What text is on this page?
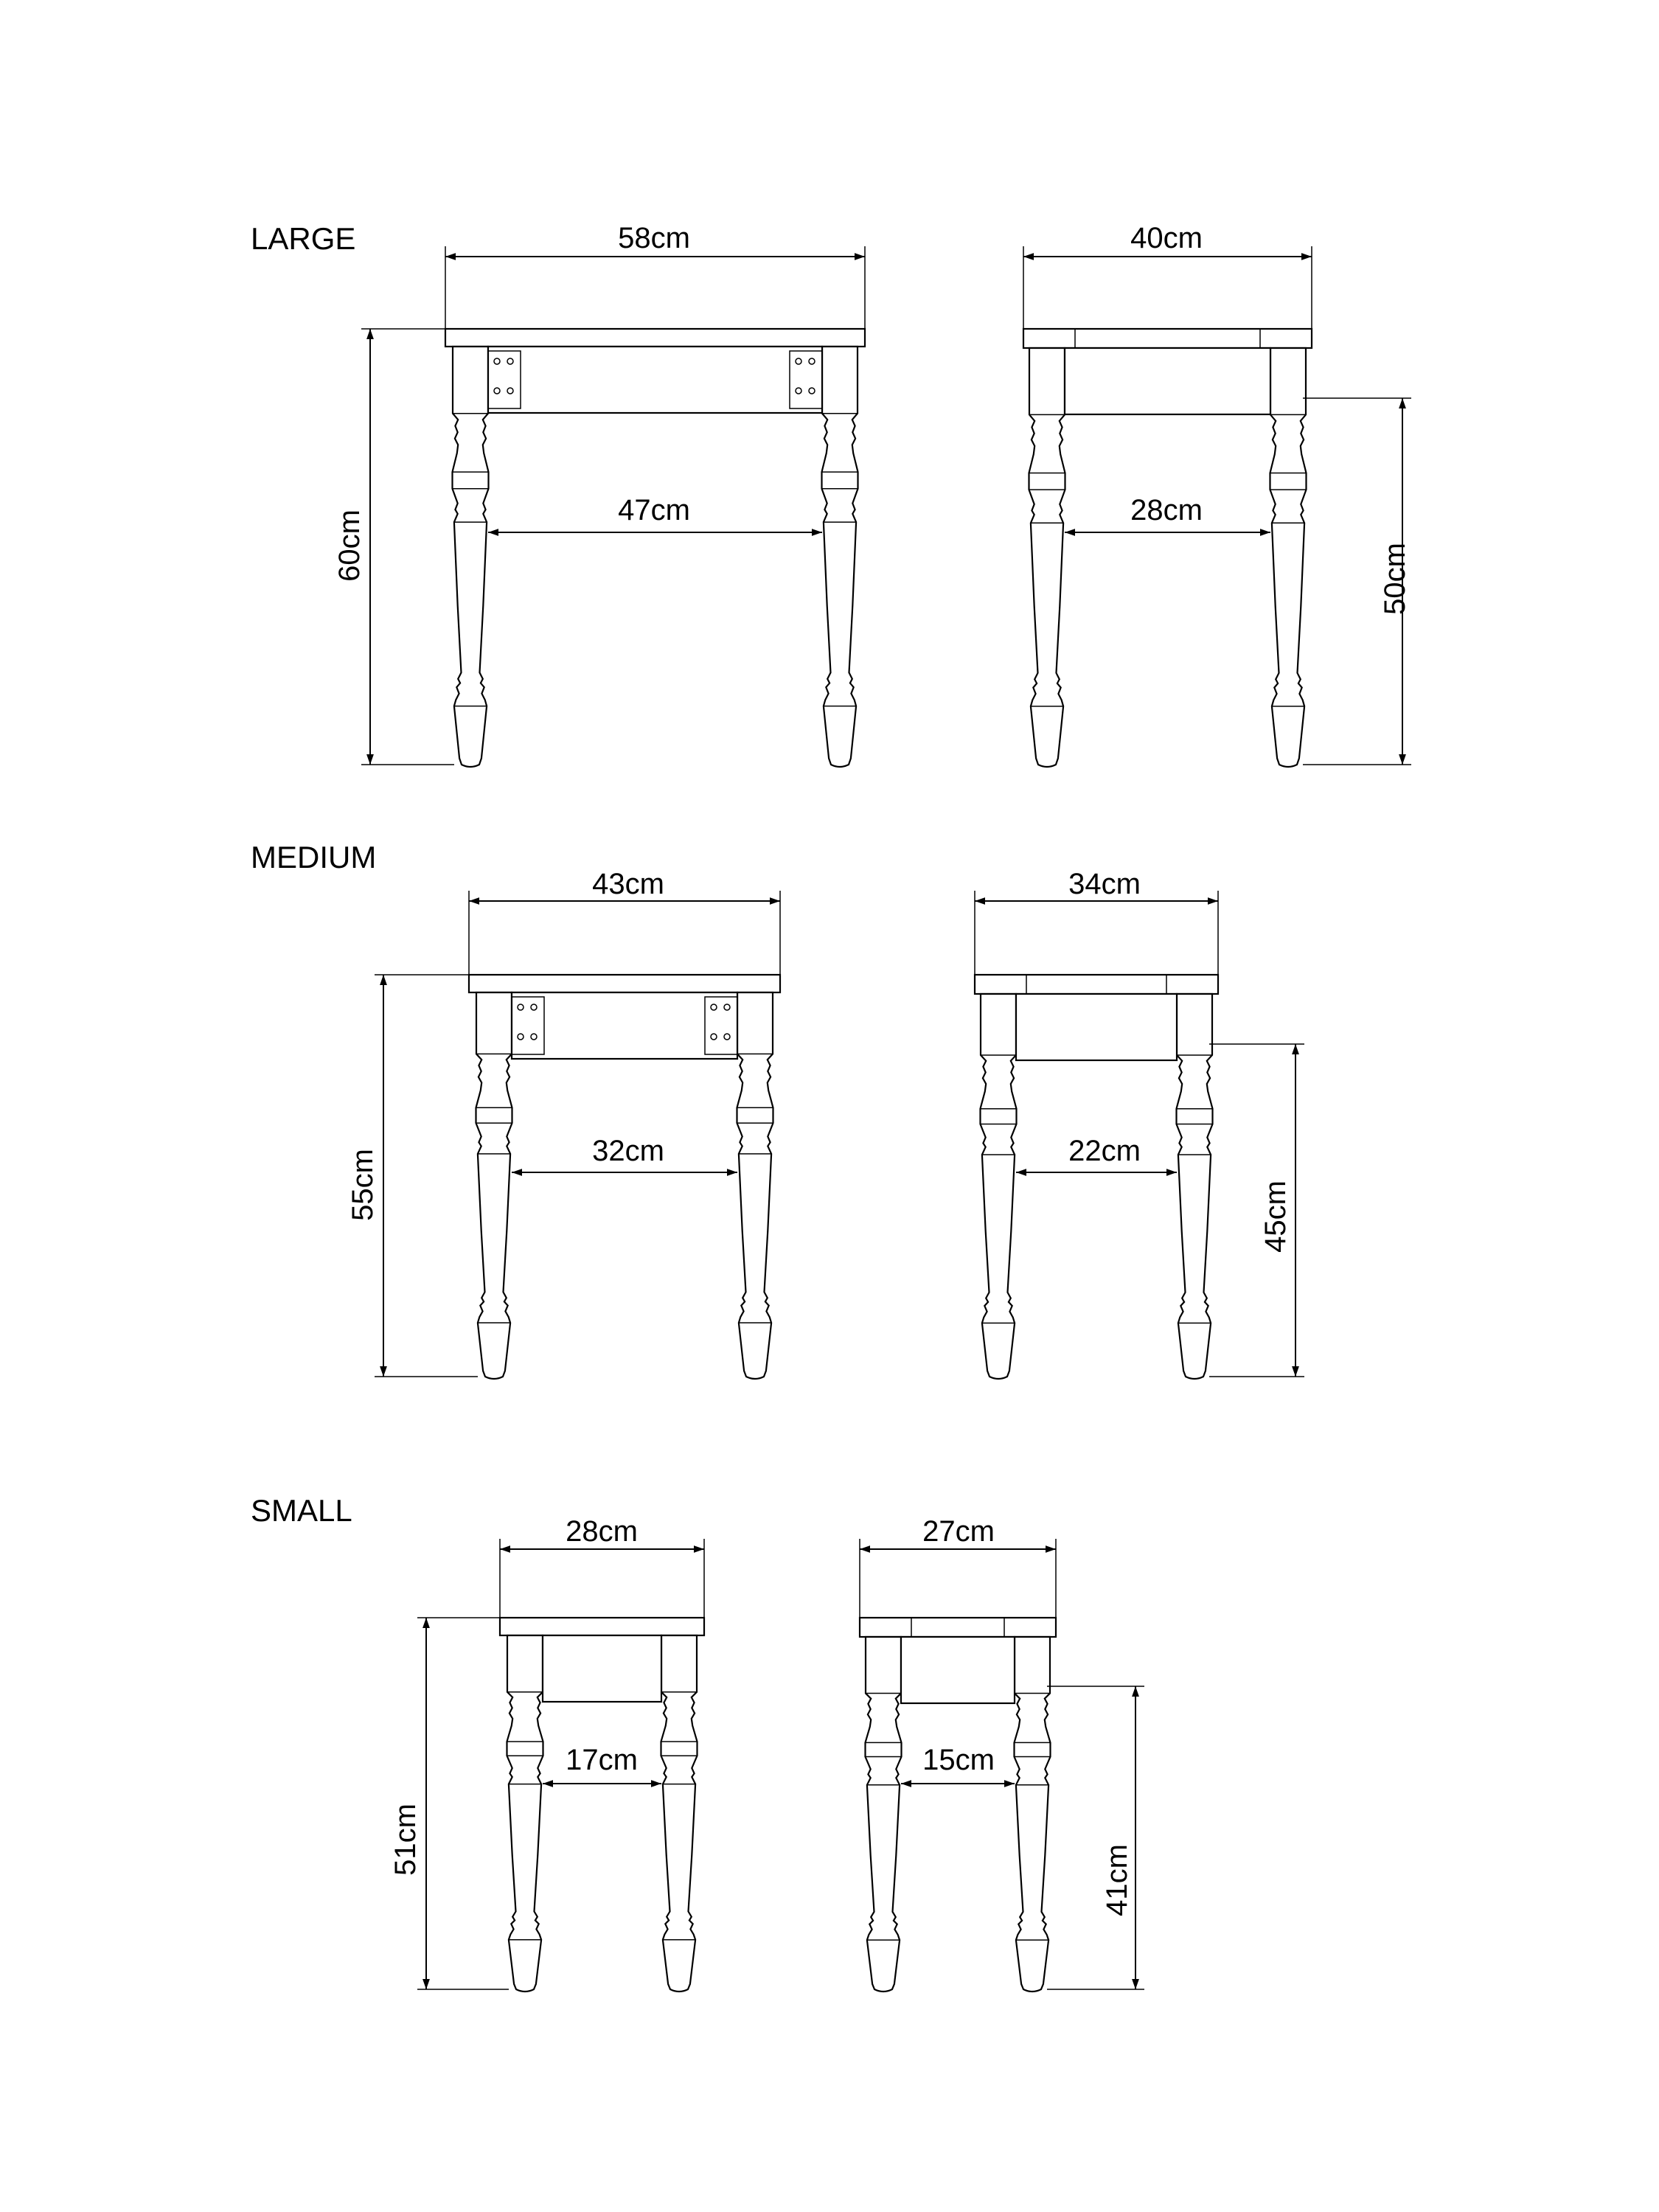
LARGE
MEDIUM
SMALL
58cm
47cm
60cm
40cm
28cm
50cm
43cm
32cm
55cm
34cm
22cm
45cm
28cm
17cm
51cm
27cm
15cm
41cm
